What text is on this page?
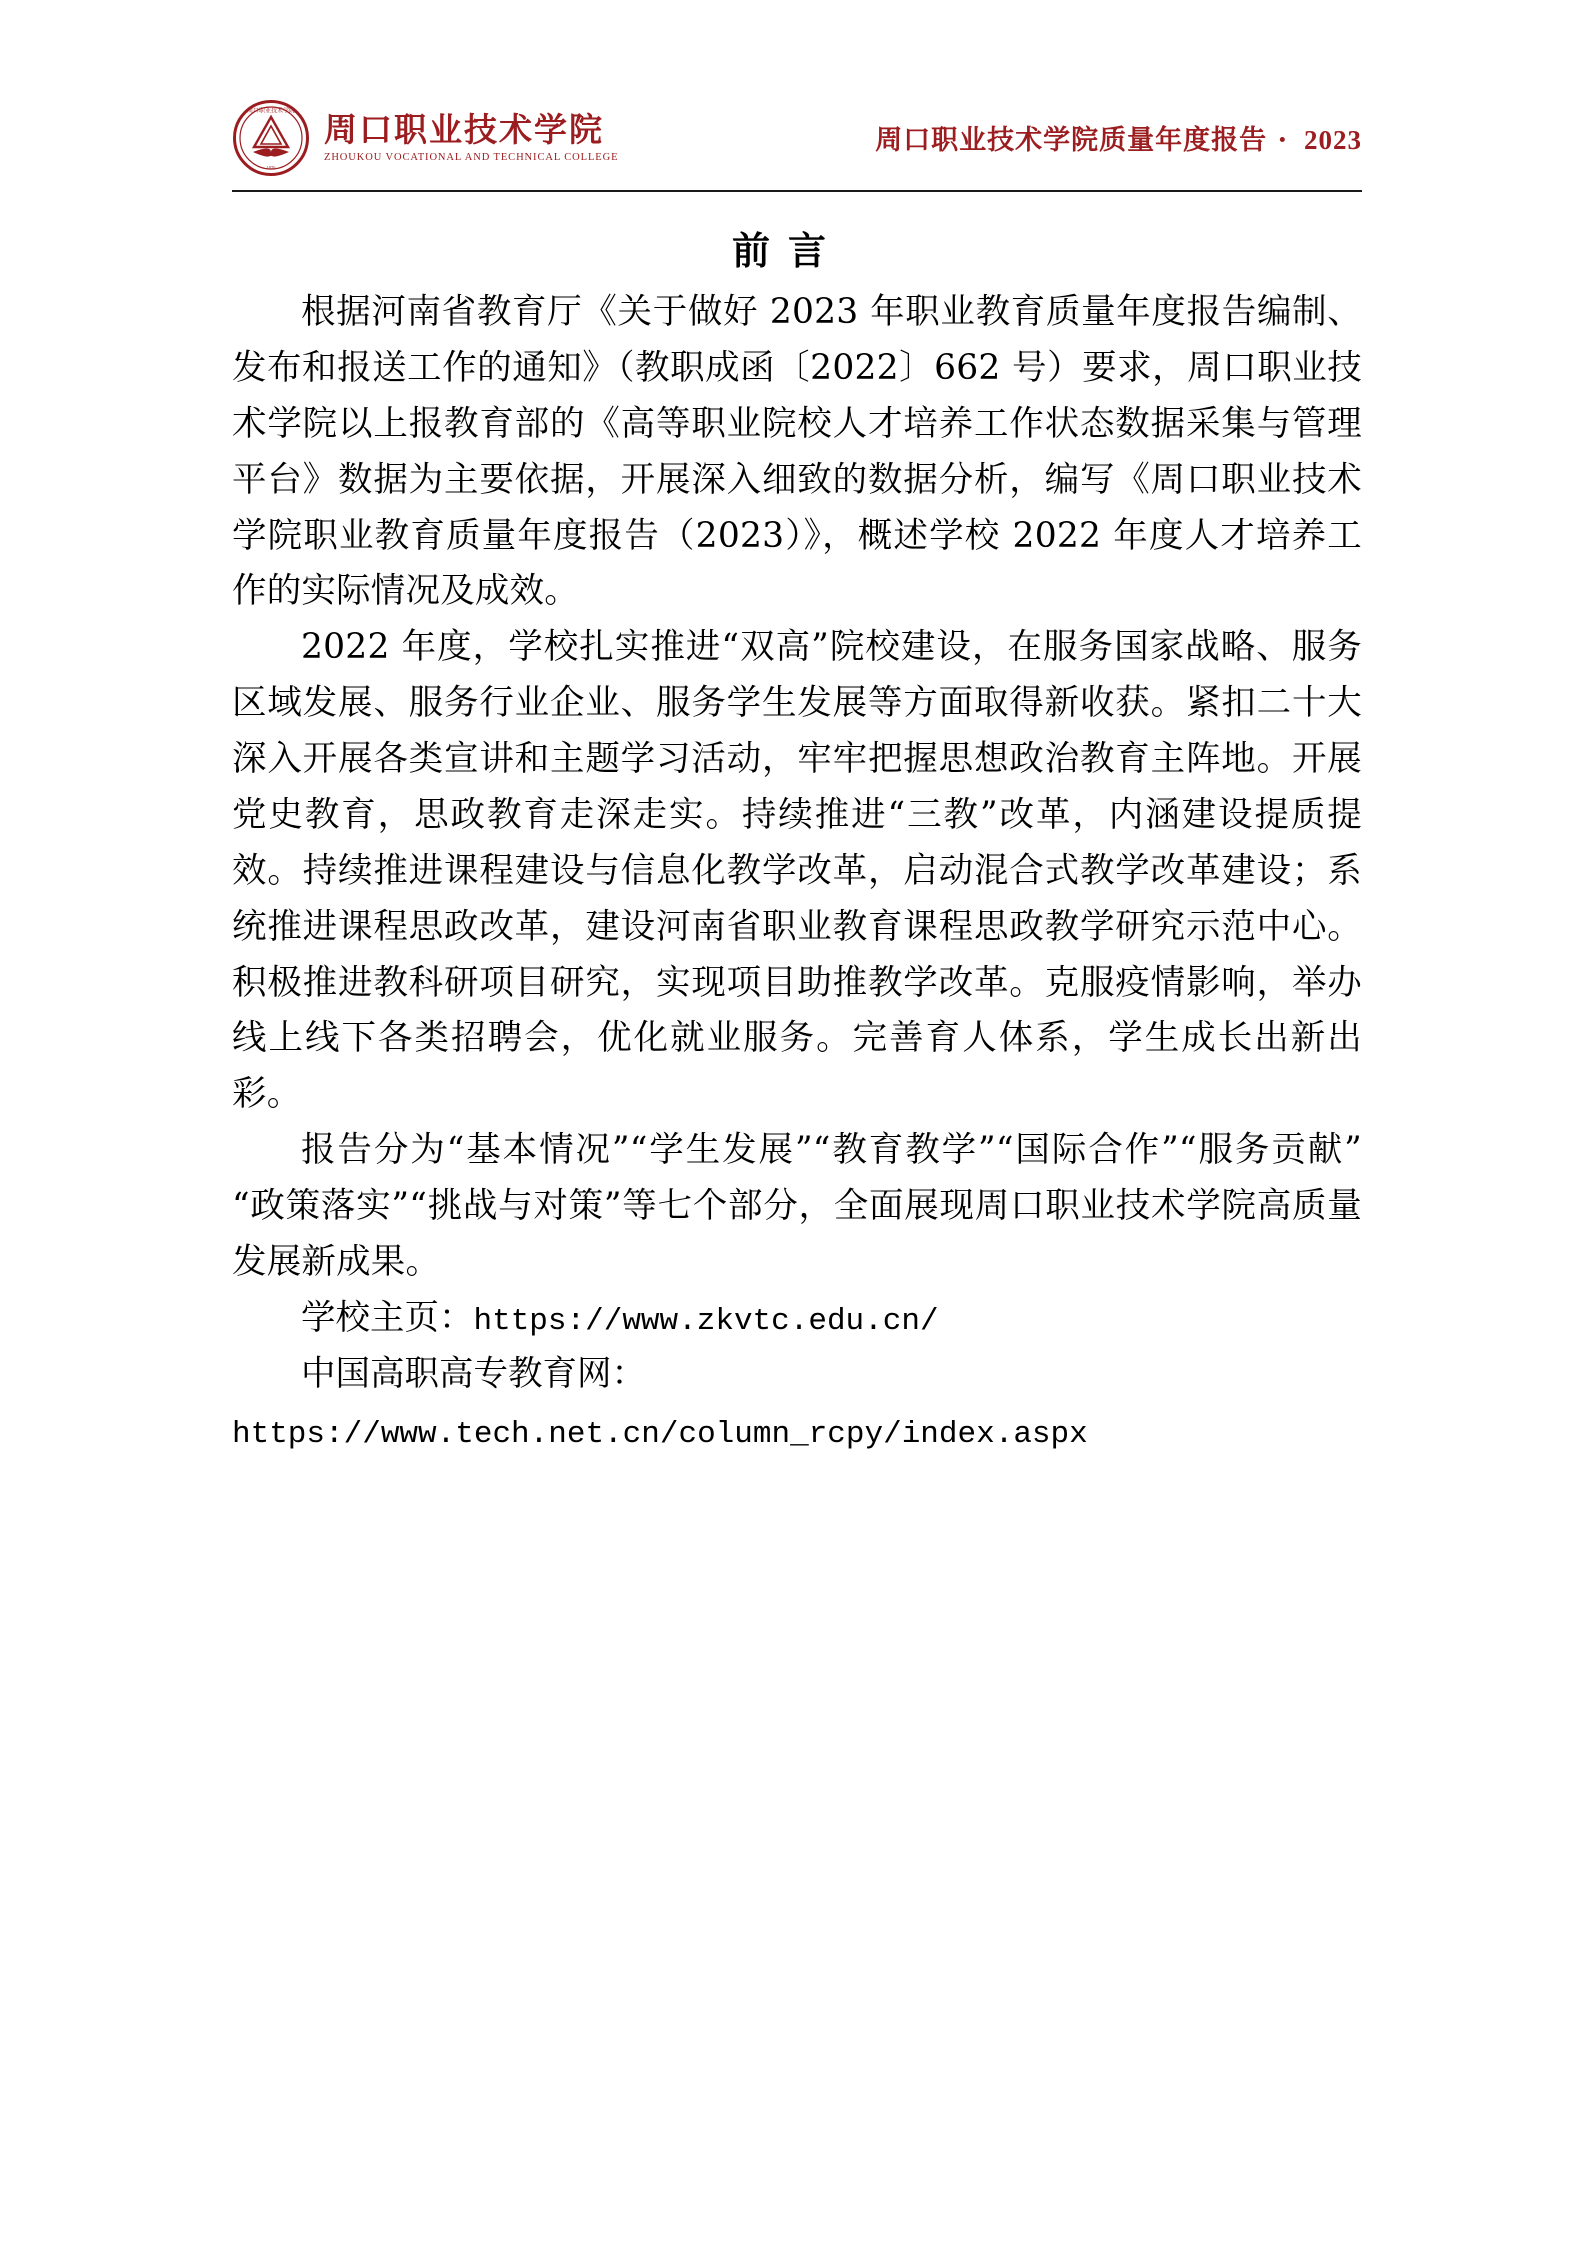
周口职业技术学院
1976
周口职业技术学院
ZHOUKOU VOCATIONAL AND TECHNICAL COLLEGE
周口职业技术学院质量年度报告 · 2023
前言

根据河南省教育厅《关于做好 2023 年职业教育质量年度报告编制、发布和报送工作的通知》（教职成函〔2022〕662 号）要求，周口职业技术学院以上报教育部的《高等职业院校人才培养工作状态数据采集与管理平台》数据为主要依据，开展深入细致的数据分析，编写《周口职业技术学院职业教育质量年度报告（2023）》，概述学校 2022 年度人才培养工作的实际情况及成效。

2022 年度，学校扎实推进“双高”院校建设，在服务国家战略、服务区域发展、服务行业企业、服务学生发展等方面取得新收获。紧扣二十大深入开展各类宣讲和主题学习活动，牢牢把握思想政治教育主阵地。开展党史教育，思政教育走深走实。持续推进“三教”改革，内涵建设提质提效。持续推进课程建设与信息化教学改革，启动混合式教学改革建设；系统推进课程思政改革，建设河南省职业教育课程思政教学研究示范中心。积极推进教科研项目研究，实现项目助推教学改革。克服疫情影响，举办线上线下各类招聘会，优化就业服务。完善育人体系，学生成长出新出彩。

报告分为“基本情况”“学生发展”“教育教学”“国际合作”“服务贡献”“政策落实”“挑战与对策”等七个部分，全面展现周口职业技术学院高质量发展新成果。

学校主页：https://www.zkvtc.edu.cn/

中国高职高专教育网：

https://www.tech.net.cn/column_rcpy/index.aspx
